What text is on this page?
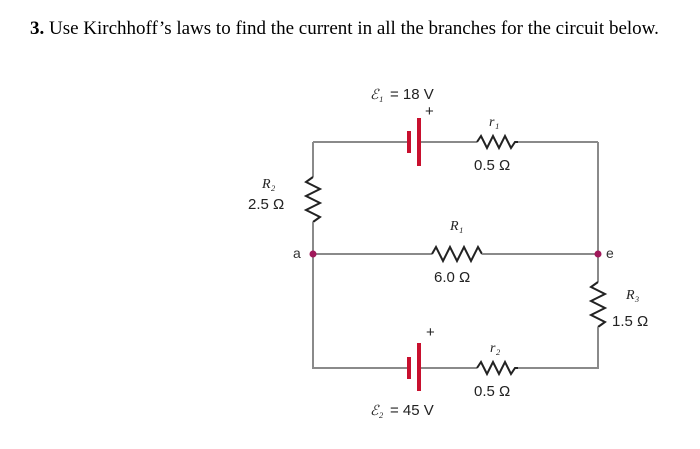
3. Use Kirchhoff’s laws to find the current in all the branches for the circuit below.
ℰ₁ = 18 V
+
r₁
0.5 Ω
R₂
2.5 Ω
R₁
6.0 Ω
a	e
R₃
1.5 Ω
+
r₂
0.5 Ω
ℰ₂ = 45 V
